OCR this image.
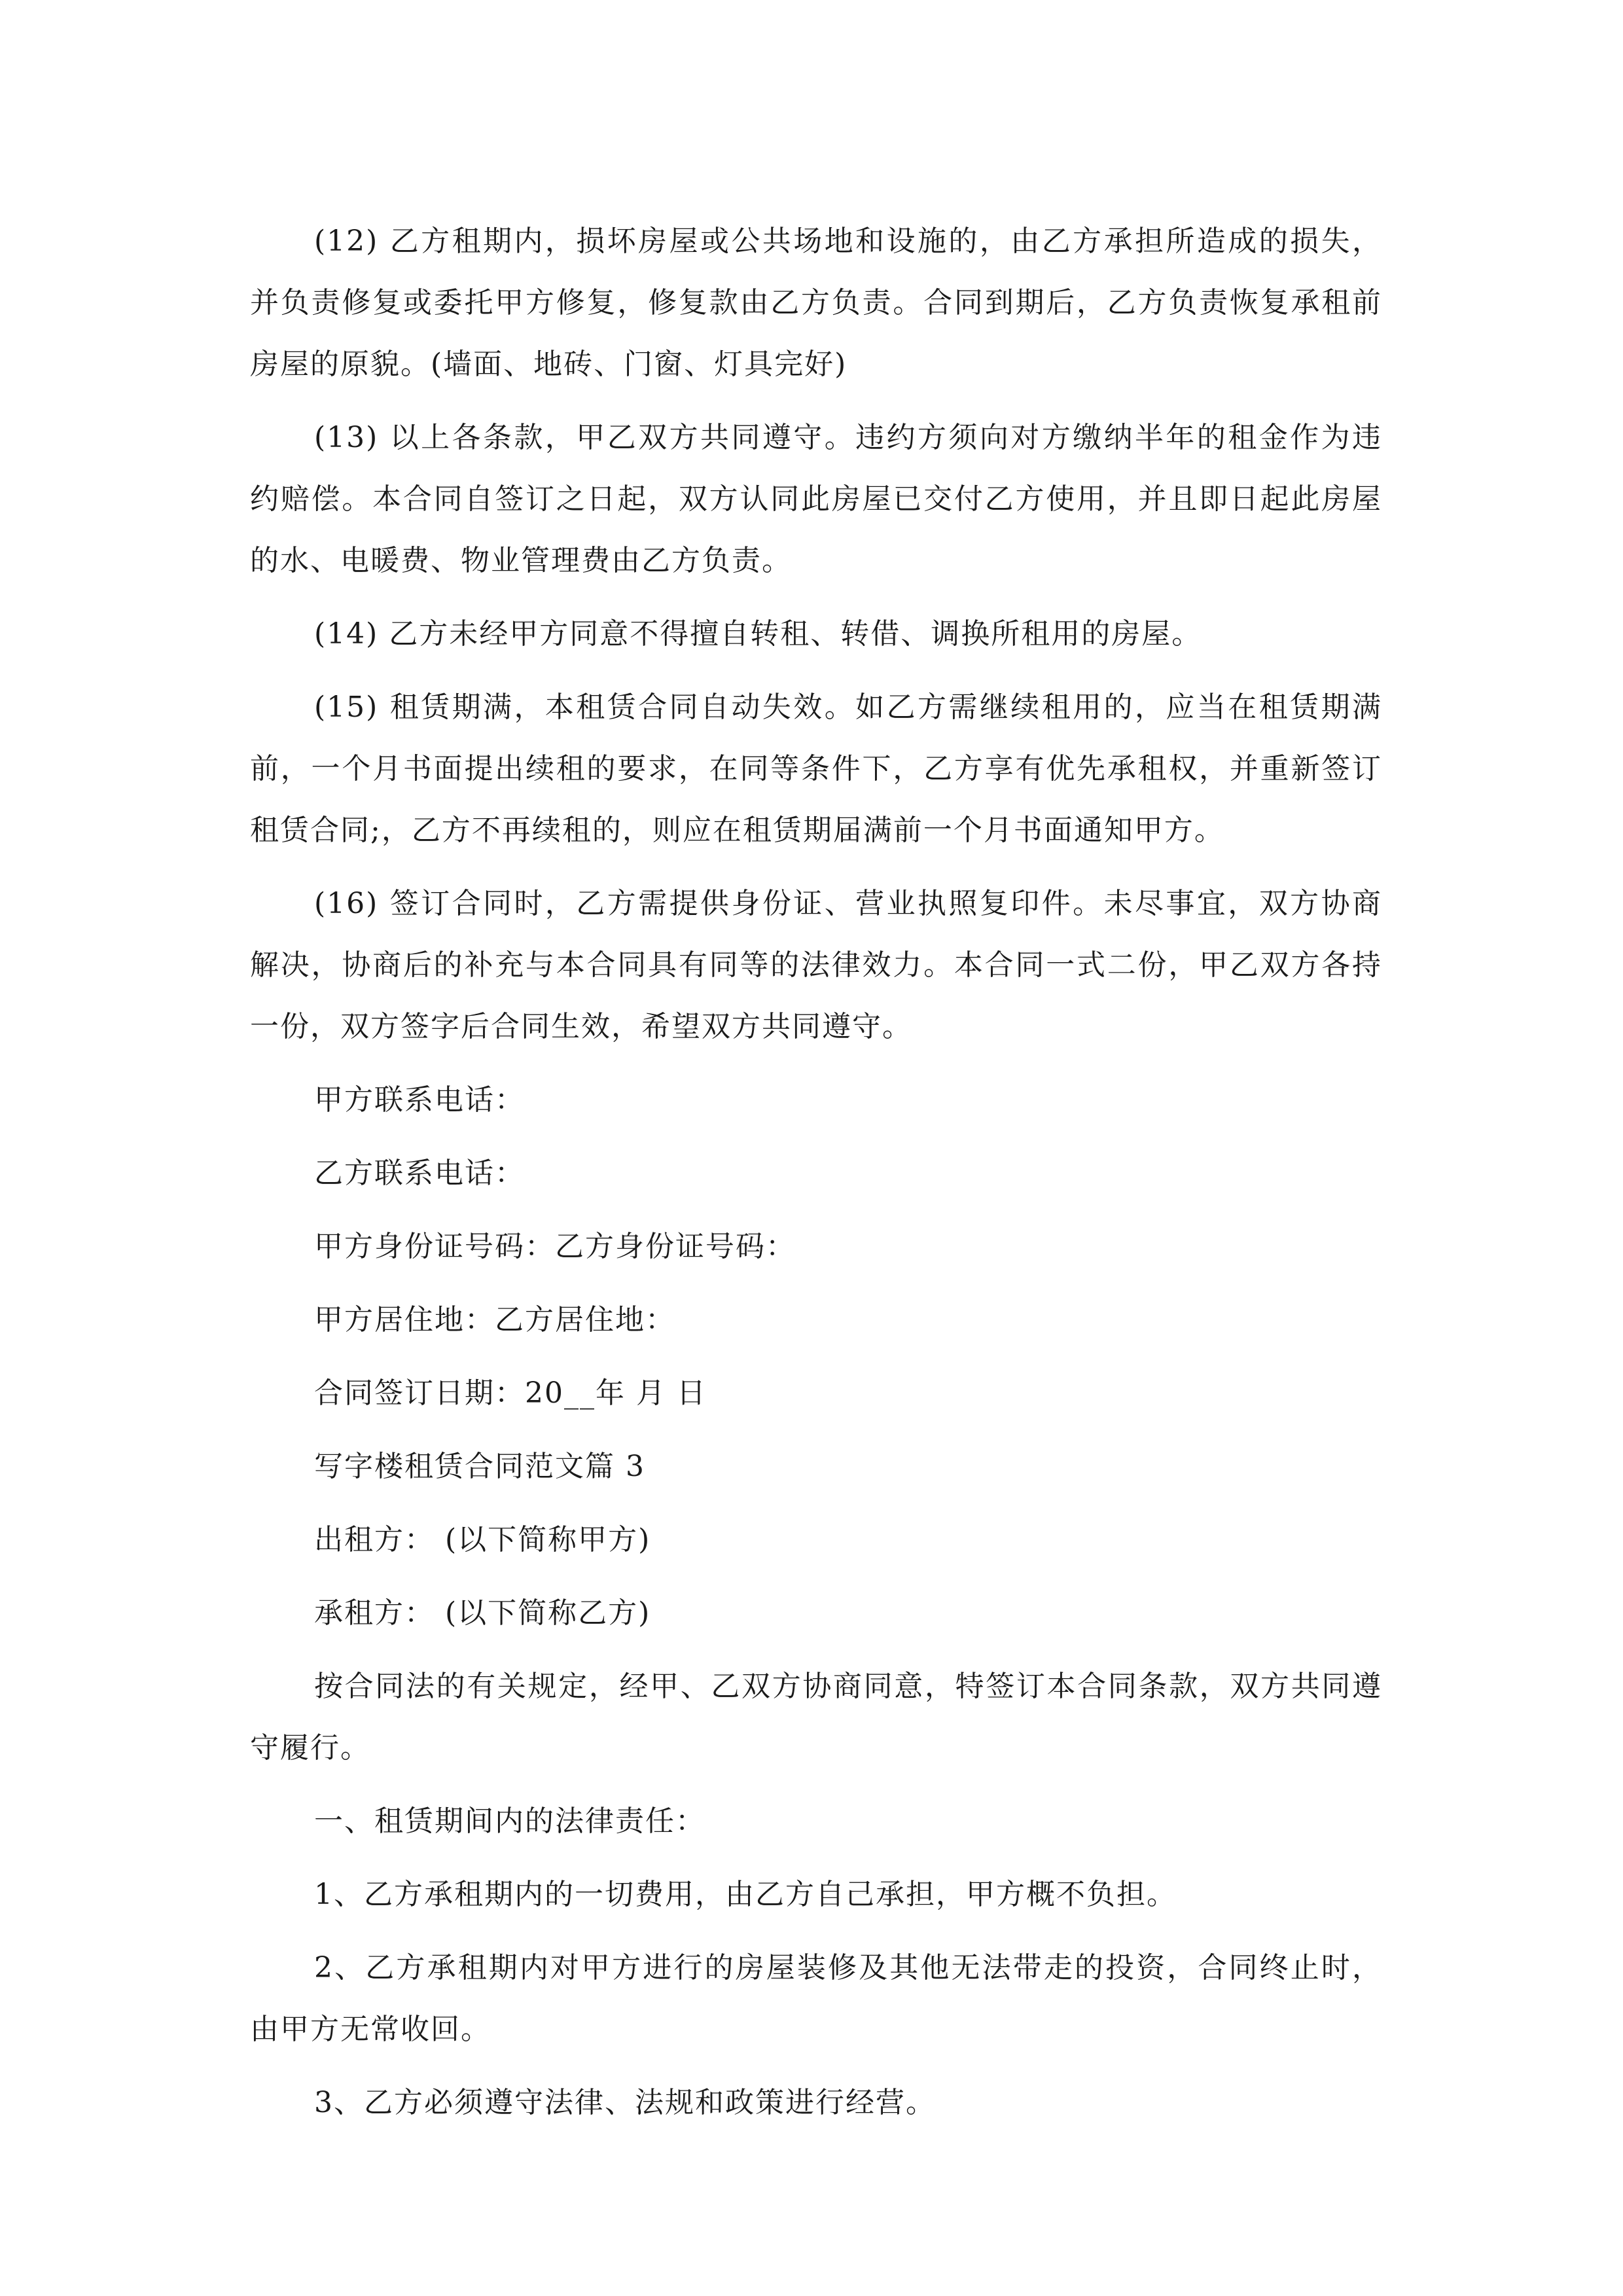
(12) 乙方租期内，损坏房屋或公共场地和设施的，由乙方承担所造成的损失，并负责修复或委托甲方修复，修复款由乙方负责。合同到期后，乙方负责恢复承租前房屋的原貌。(墙面、地砖、门窗、灯具完好)

(13) 以上各条款，甲乙双方共同遵守。违约方须向对方缴纳半年的租金作为违约赔偿。本合同自签订之日起，双方认同此房屋已交付乙方使用，并且即日起此房屋的水、电暖费、物业管理费由乙方负责。

(14) 乙方未经甲方同意不得擅自转租、转借、调换所租用的房屋。

(15) 租赁期满，本租赁合同自动失效。如乙方需继续租用的，应当在租赁期满前，一个月书面提出续租的要求，在同等条件下，乙方享有优先承租权，并重新签订租赁合同;，乙方不再续租的，则应在租赁期届满前一个月书面通知甲方。

(16) 签订合同时，乙方需提供身份证、营业执照复印件。未尽事宜，双方协商解决，协商后的补充与本合同具有同等的法律效力。本合同一式二份，甲乙双方各持一份，双方签字后合同生效，希望双方共同遵守。

甲方联系电话：

乙方联系电话：

甲方身份证号码：乙方身份证号码：

甲方居住地：乙方居住地：

合同签订日期：20__年 月 日

写字楼租赁合同范文篇 3

出租方： (以下简称甲方)

承租方： (以下简称乙方)

按合同法的有关规定，经甲、乙双方协商同意，特签订本合同条款，双方共同遵守履行。

一、租赁期间内的法律责任：

1、乙方承租期内的一切费用，由乙方自己承担，甲方概不负担。

2、乙方承租期内对甲方进行的房屋装修及其他无法带走的投资，合同终止时，由甲方无常收回。

3、乙方必须遵守法律、法规和政策进行经营。
